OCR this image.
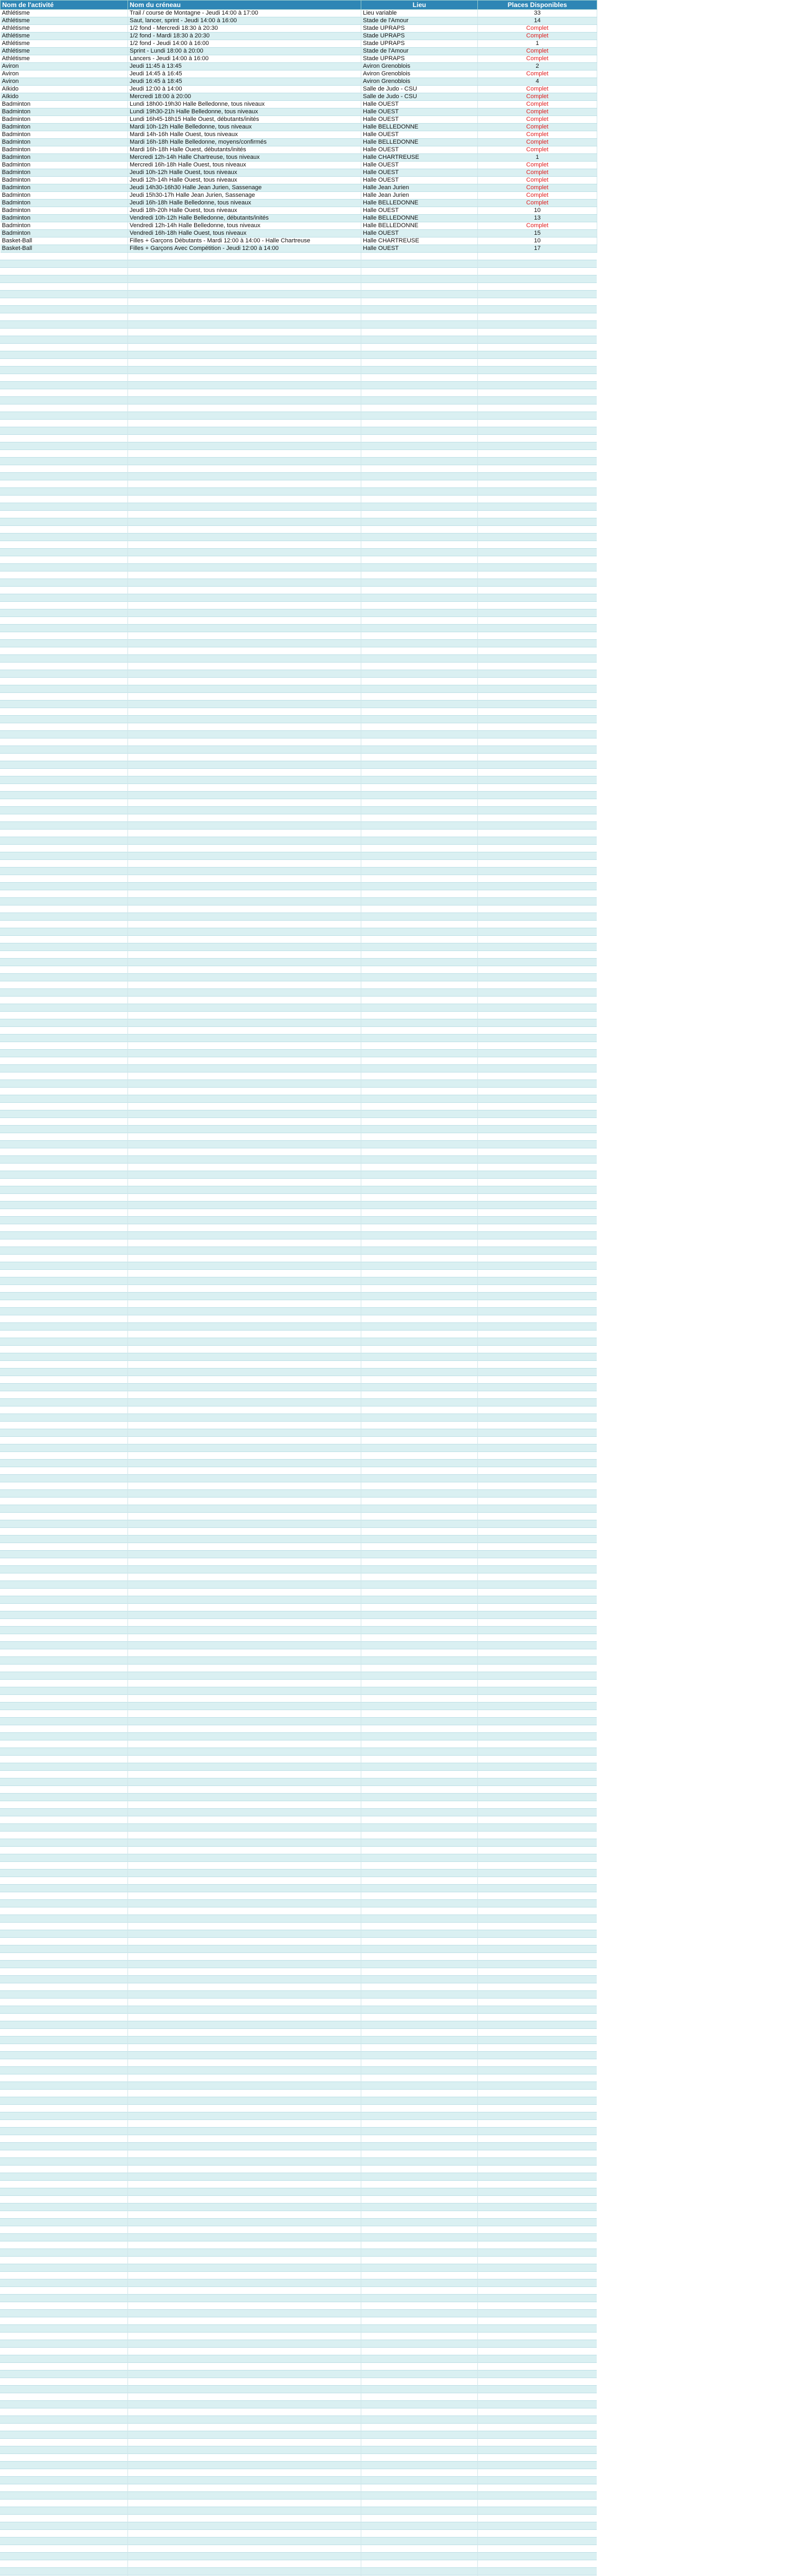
Nom de l'activité	Nom du créneau	Lieu	Places Disponibles
Athlétisme	Trail / course de Montagne - Jeudi 14:00 à 17:00	Lieu variable	33
Athlétisme	Saut, lancer, sprint - Jeudi 14:00 à 16:00	Stade de l'Amour	14
Athlétisme	1/2 fond - Mercredi 18:30 à 20:30	Stade UPRAPS	Complet
Athlétisme	1/2 fond - Mardi 18:30 à 20:30	Stade UPRAPS	Complet
Athlétisme	1/2 fond - Jeudi 14:00 à 16:00	Stade UPRAPS	1
Athlétisme	Sprint - Lundi 18:00 à 20:00	Stade de l'Amour	Complet
Athlétisme	Lancers - Jeudi 14:00 à 16:00	Stade UPRAPS	Complet
Aviron	Jeudi 11:45 à 13:45	Aviron Grenoblois	2
Aviron	Jeudi 14:45 à 16:45	Aviron Grenoblois	Complet
Aviron	Jeudi 16:45 à 18:45	Aviron Grenoblois	4
Aïkido	Jeudi 12:00 à 14:00	Salle de Judo - CSU	Complet
Aïkido	Mercredi 18:00 à 20:00	Salle de Judo - CSU	Complet
Badminton	Lundi 18h00-19h30 Halle Belledonne, tous niveaux	Halle OUEST	Complet
Badminton	Lundi 19h30-21h Halle Belledonne, tous niveaux	Halle OUEST	Complet
Badminton	Lundi 16h45-18h15 Halle Ouest, débutants/inités	Halle OUEST	Complet
Badminton	Mardi 10h-12h Halle Belledonne, tous niveaux	Halle BELLEDONNE	Complet
Badminton	Mardi 14h-16h Halle Ouest, tous niveaux	Halle OUEST	Complet
Badminton	Mardi 16h-18h Halle Belledonne, moyens/confirmés	Halle BELLEDONNE	Complet
Badminton	Mardi 16h-18h Halle Ouest, débutants/inités	Halle OUEST	Complet
Badminton	Mercredi 12h-14h Halle Chartreuse, tous niveaux	Halle CHARTREUSE	1
Badminton	Mercredi 16h-18h Halle Ouest, tous niveaux	Halle OUEST	Complet
Badminton	Jeudi 10h-12h Halle Ouest, tous niveaux	Halle OUEST	Complet
Badminton	Jeudi 12h-14h Halle Ouest, tous niveaux	Halle OUEST	Complet
Badminton	Jeudi 14h30-16h30 Halle Jean Jurien, Sassenage	Halle Jean Jurien	Complet
Badminton	Jeudi 15h30-17h Halle Jean Jurien, Sassenage	Halle Jean Jurien	Complet
Badminton	Jeudi 16h-18h Halle Belledonne, tous niveaux	Halle BELLEDONNE	Complet
Badminton	Jeudi 18h-20h Halle Ouest, tous niveaux	Halle OUEST	10
Badminton	Vendredi 10h-12h Halle Belledonne, débutants/inités	Halle BELLEDONNE	13
Badminton	Vendredi 12h-14h Halle Belledonne, tous niveaux	Halle BELLEDONNE	Complet
Badminton	Vendredi 16h-18h Halle Ouest, tous niveaux	Halle OUEST	15
Basket-Ball	Filles + Garçons Débutants - Mardi 12:00 à 14:00 - Halle Chartreuse	Halle CHARTREUSE	10
Basket-Ball	Filles + Garçons Avec Compétition - Jeudi 12:00 à 14:00	Halle OUEST	17
